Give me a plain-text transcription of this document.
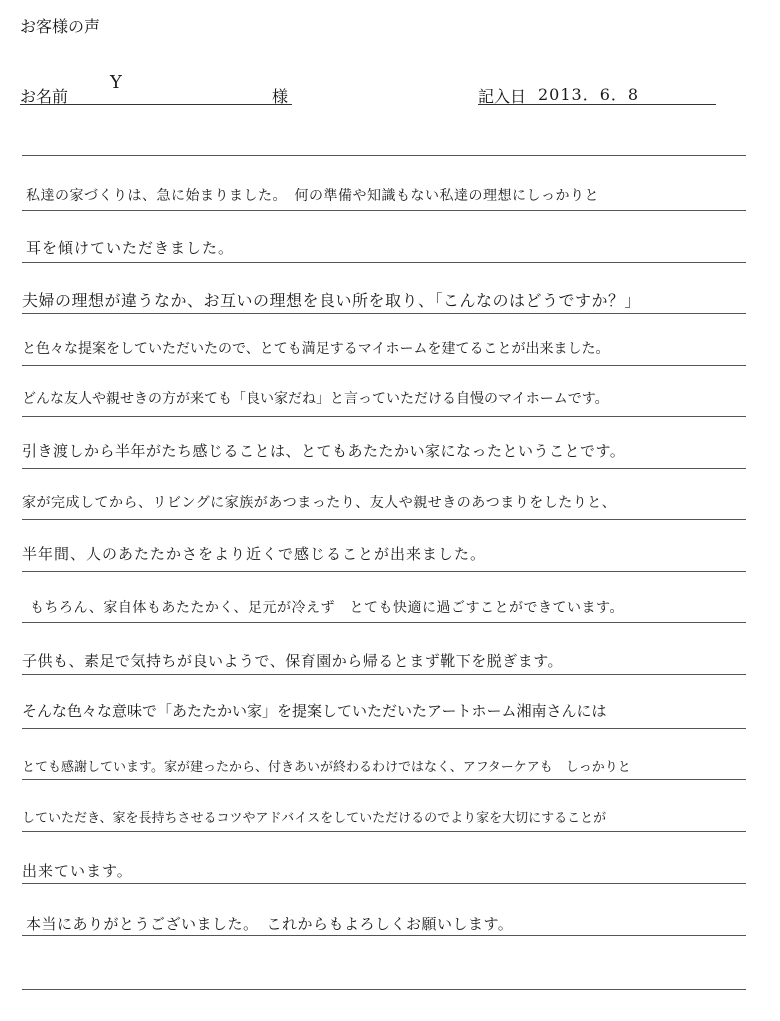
お客様の声
お名前
Y
様	記入日 2013．6．8
私達の家づくりは、急に始まりました。　何の準備や知識もない私達の理想にしっかりと
耳を傾けていただきました。
夫婦の理想が違うなか、お互いの理想を良い所を取り、「こんなのはどうですか？」
と色々な提案をしていただいたので、とても満足するマイホームを建てることが出来ました。
どんな友人や親せきの方が来ても「良い家だね」と言っていただける自慢のマイホームです。
引き渡しから半年がたち感じることは、とてもあたたかい家になったということです。
家が完成してから、リビングに家族があつまったり、友人や親せきのあつまりをしたりと、
半年間、人のあたたかさをより近くで感じることが出来ました。
もちろん、家自体もあたたかく、足元が冷えず　とても快適に過ごすことができています。
子供も、素足で気持ちが良いようで、保育園から帰るとまず靴下を脱ぎます。
そんな色々な意味で「あたたかい家」を提案していただいたアートホーム湘南さんには
とても感謝しています。家が建ったから、付きあいが終わるわけではなく、アフターケアも　しっかりと
していただき、家を長持ちさせるコツやアドバイスをしていただけるのでより家を大切にすることが
出来ています。
本当にありがとうございました。　これからもよろしくお願いします。
